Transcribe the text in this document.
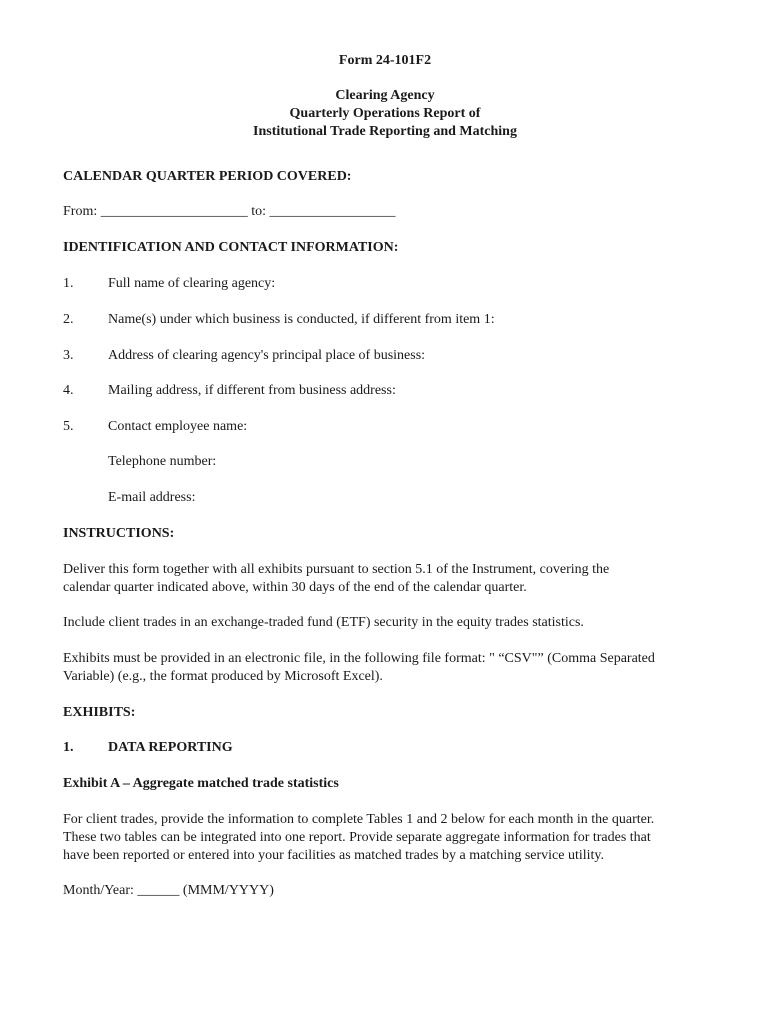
Form 24-101F2
Clearing Agency
Quarterly Operations Report of
Institutional Trade Reporting and Matching
CALENDAR QUARTER PERIOD COVERED:
From: _____________________ to: __________________
IDENTIFICATION AND CONTACT INFORMATION:
1. Full name of clearing agency:
2. Name(s) under which business is conducted, if different from item 1:
3. Address of clearing agency's principal place of business:
4. Mailing address, if different from business address:
5. Contact employee name:
Telephone number:
E-mail address:
INSTRUCTIONS:
Deliver this form together with all exhibits pursuant to section 5.1 of the Instrument, covering the
calendar quarter indicated above, within 30 days of the end of the calendar quarter.
Include client trades in an exchange-traded fund (ETF) security in the equity trades statistics.
Exhibits must be provided in an electronic file, in the following file format: " “CSV"” (Comma Separated
Variable) (e.g., the format produced by Microsoft Excel).
EXHIBITS:
1. DATA REPORTING
Exhibit A – Aggregate matched trade statistics
For client trades, provide the information to complete Tables 1 and 2 below for each month in the quarter.
These two tables can be integrated into one report. Provide separate aggregate information for trades that
have been reported or entered into your facilities as matched trades by a matching service utility.
Month/Year: ______ (MMM/YYYY)
